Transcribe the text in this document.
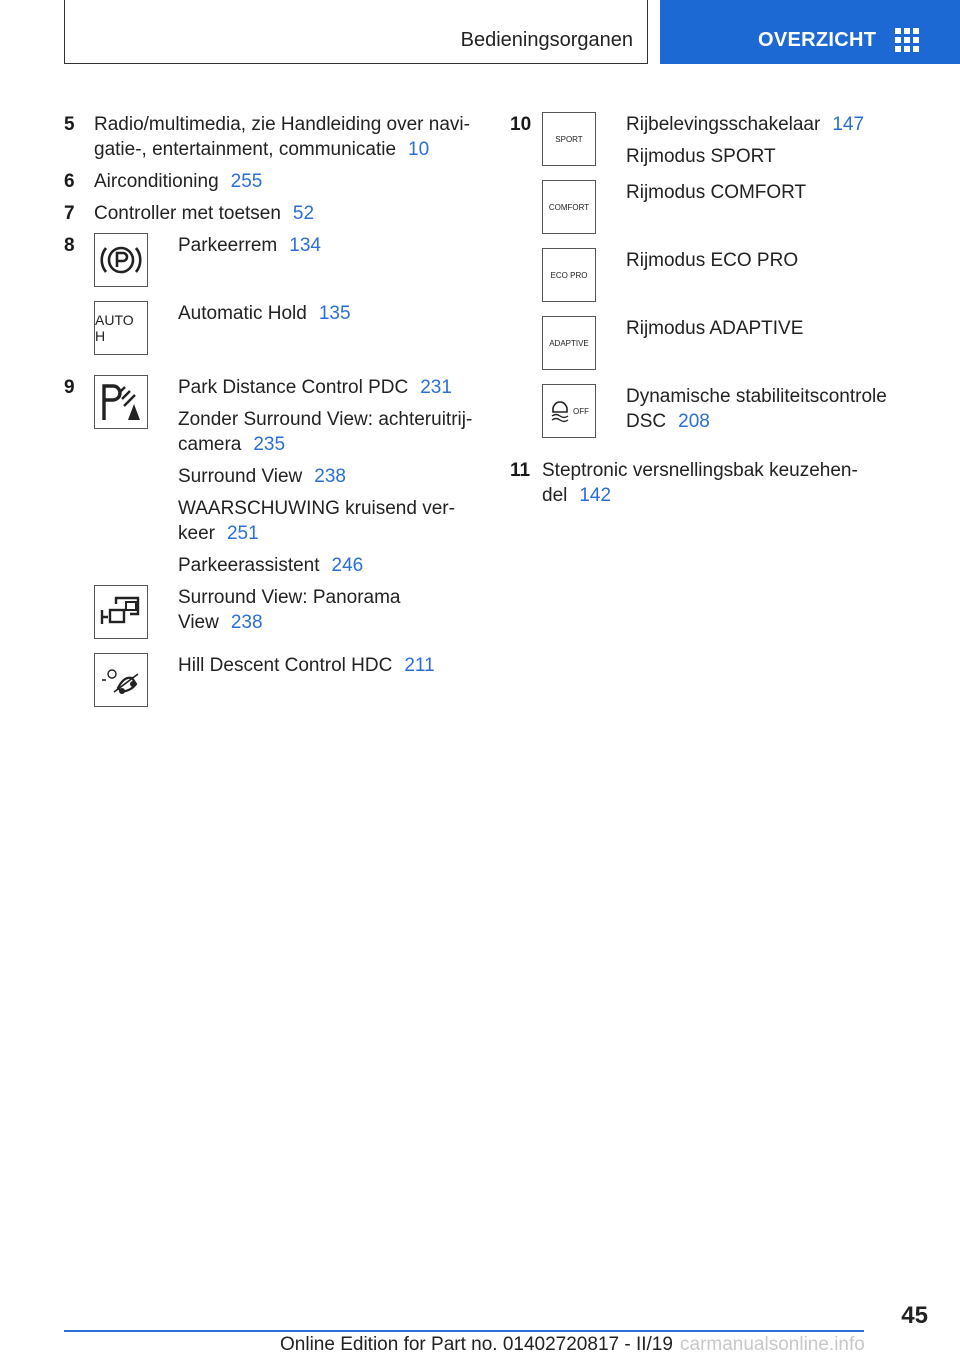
Bedieningsorganen	OVERZICHT
5	Radio/multimedia, zie Handleiding over navi-
gatie-, entertainment, communicatie 10
6	Airconditioning 255
7	Controller met toetsen 52
8	Parkeerrem 134
AUTO H
Automatic Hold 135
9	Park Distance Control PDC 231
Zonder Surround View: achteruitrij-
camera 235
Surround View 238
WAARSCHUWING kruisend ver-
keer 251
Parkeerassistent 246
Surround View: Panorama
View 238
Hill Descent Control HDC 211
10
SPORT
Rijbelevingsschakelaar 147
Rijmodus SPORT
COMFORT
Rijmodus COMFORT
ECO PRO
Rijmodus ECO PRO
ADAPTIVE
Rijmodus ADAPTIVE
OFF
Dynamische stabiliteitscontrole
DSC 208
11 Steptronic versnellingsbak keuzehen-
del 142
45
Online Edition for Part no. 01402720817 - II/19 carmanualsonline.info
